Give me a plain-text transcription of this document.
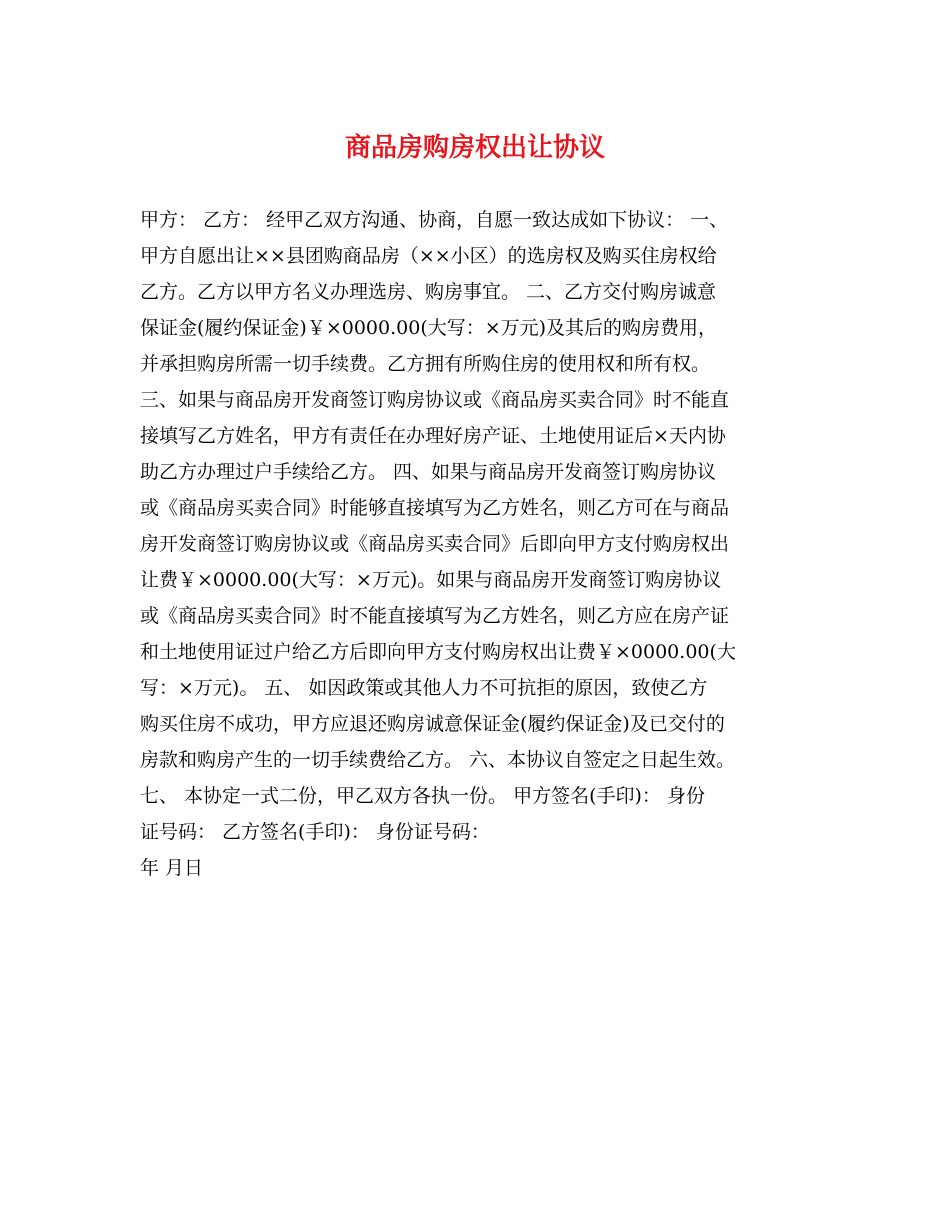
商品房购房权出让协议

甲方： 乙方： 经甲乙双方沟通、协商，自愿一致达成如下协议： 一、

甲方自愿出让××县团购商品房（××小区）的选房权及购买住房权给

乙方。乙方以甲方名义办理选房、购房事宜。 二、乙方交付购房诚意

保证金(履约保证金)￥×0000.00(大写：×万元)及其后的购房费用，

并承担购房所需一切手续费。乙方拥有所购住房的使用权和所有权。

三、如果与商品房开发商签订购房协议或《商品房买卖合同》时不能直

接填写乙方姓名，甲方有责任在办理好房产证、土地使用证后×天内协

助乙方办理过户手续给乙方。 四、如果与商品房开发商签订购房协议

或《商品房买卖合同》时能够直接填写为乙方姓名，则乙方可在与商品

房开发商签订购房协议或《商品房买卖合同》后即向甲方支付购房权出

让费￥×0000.00(大写：×万元)。如果与商品房开发商签订购房协议

或《商品房买卖合同》时不能直接填写为乙方姓名，则乙方应在房产证

和土地使用证过户给乙方后即向甲方支付购房权出让费￥×0000.00(大

写：×万元)。 五、 如因政策或其他人力不可抗拒的原因，致使乙方

购买住房不成功，甲方应退还购房诚意保证金(履约保证金)及已交付的

房款和购房产生的一切手续费给乙方。 六、本协议自签定之日起生效。

七、 本协定一式二份，甲乙双方各执一份。 甲方签名(手印)： 身份

证号码： 乙方签名(手印)： 身份证号码：

年 月日
